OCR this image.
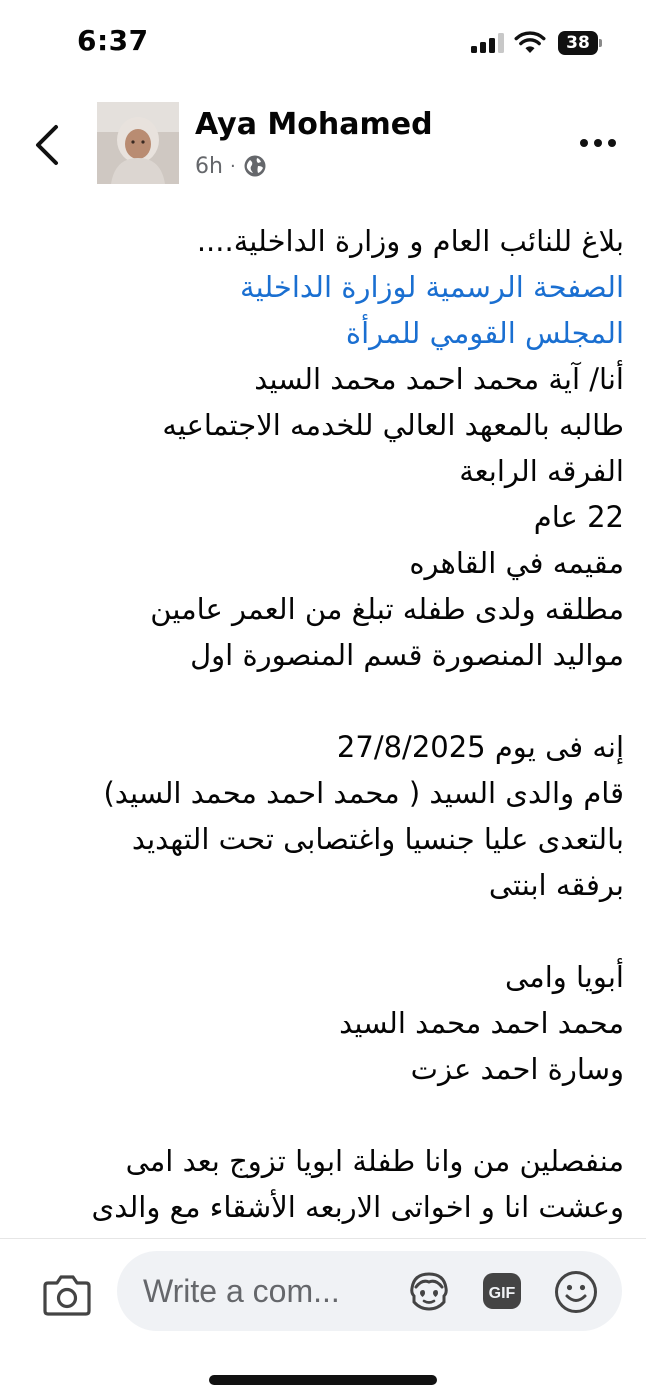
6:37	38
Aya Mohamed
6h ·
بلاغ للنائب العام و وزارة الداخلية....
الصفحة الرسمية لوزارة الداخلية
المجلس القومي للمرأة
أنا/ آية محمد احمد محمد السيد
طالبه بالمعهد العالي للخدمه الاجتماعيه
الفرقه الرابعة
22 عام
مقيمه في القاهره
مطلقه ولدى طفله تبلغ من العمر عامين
مواليد المنصورة قسم المنصورة اول
إنه فى يوم 27/8/2025
قام والدى السيد ( محمد احمد محمد السيد)
بالتعدى عليا جنسيا واغتصابى تحت التهديد
برفقه ابنتى
أبويا وامى
محمد احمد محمد السيد
وسارة احمد عزت
منفصلين من وانا طفلة ابويا تزوج بعد امى
وعشت انا و اخواتى الاربعه الأشقاء مع والدى
Write a com...	GIF
